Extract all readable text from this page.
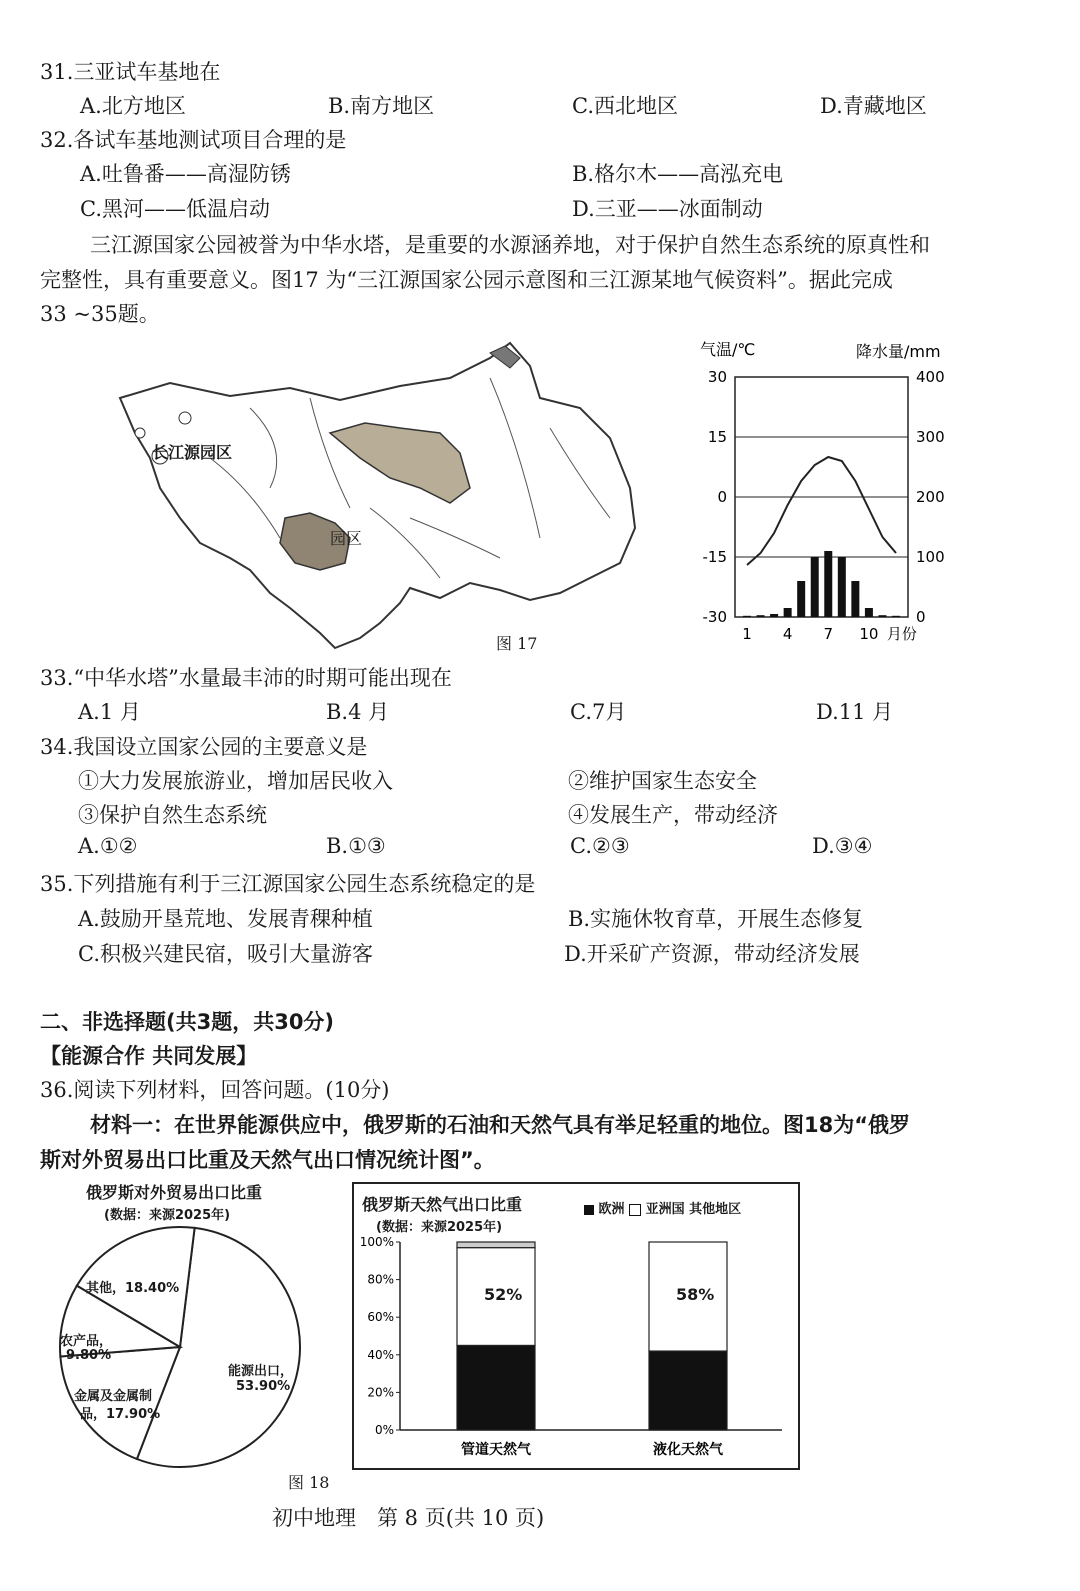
31.三亚试车基地在
A.北方地区	B.南方地区	C.西北地区	D.青藏地区
32.各试车基地测试项目合理的是
A.吐鲁番——高湿防锈	B.格尔木——高泓充电
C.黑河——低温启动	D.三亚——冰面制动
三江源国家公园被誉为中华水塔，是重要的水源涵养地，对于保护自然生态系统的原真性和
完整性，具有重要意义。图17 为“三江源国家公园示意图和三江源某地气候资料”。据此完成
33 ~35题。
长江源园区
园区
图 17
30	400
15	300
0	200
-15	100
-30	0
气温/℃	降水量/mm
1 4 7 10 月份
33.“中华水塔”水量最丰沛的时期可能出现在
A.1 月	B.4 月	C.7月	D.11 月
34.我国设立国家公园的主要意义是
①大力发展旅游业，增加居民收入	②维护国家生态安全
③保护自然生态系统	④发展生产，带动经济
A.①②	B.①③	C.②③	D.③④
35.下列措施有利于三江源国家公园生态系统稳定的是
A.鼓励开垦荒地、发展青稞种植	B.实施休牧育草，开展生态修复
C.积极兴建民宿，吸引大量游客	D.开采矿产资源，带动经济发展
二、非选择题(共3题，共30分)
【能源合作 共同发展】
36.阅读下列材料，回答问题。(10分)
材料一：在世界能源供应中，俄罗斯的石油和天然气具有举足轻重的地位。图18为“俄罗
斯对外贸易出口比重及天然气出口情况统计图”。
俄罗斯对外贸易出口比重
(数据：来源2025年)
其他，18.40%
农产品，
9.80%
能源出口，
53.90%
金属及金属制
品，17.90%
图 18
俄罗斯天然气出口比重
(数据：来源2025年)
欧洲 亚洲国 其他地区
100%
80%
60%
40%
20%
0%
管道天然气	液化天然气
52%	58%
初中地理　第 8 页(共 10 页)
